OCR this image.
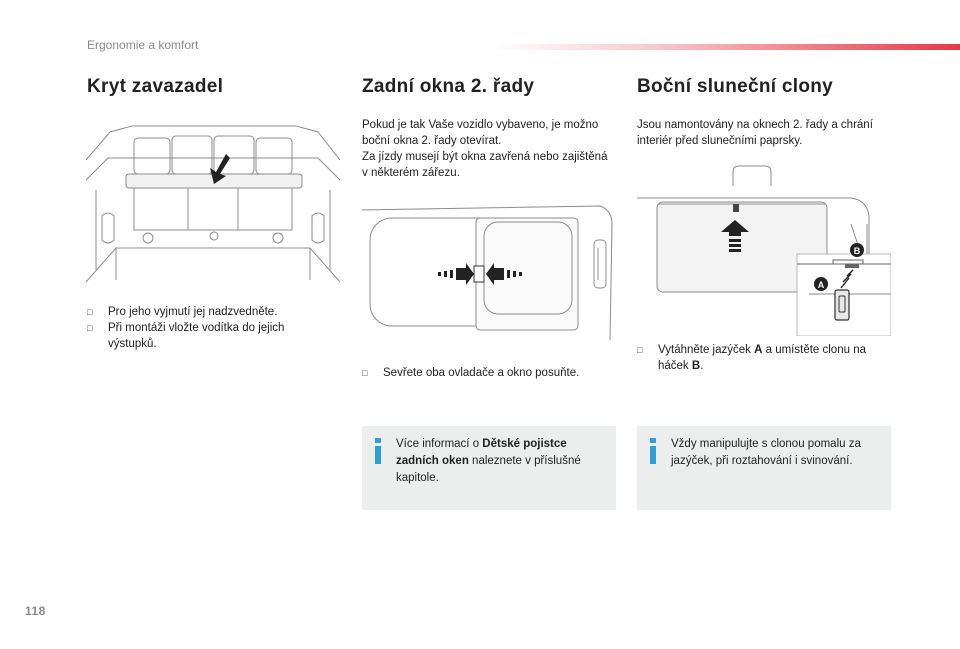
Ergonomie a komfort
Kryt zavazadel
□ Pro jeho vyjmutí jej nadzvedněte.
□ Při montáži vložte vodítka do jejich výstupků.
Zadní okna 2. řady
Pokud je tak Vaše vozidlo vybaveno, je možno boční okna 2. řady otevírat.
Za jízdy musejí být okna zavřená nebo zajištěná v některém zářezu.
□ Sevřete oba ovladače a okno posuňte.
Více informací o Dětské pojistce zadních oken naleznete v příslušné kapitole.
Boční sluneční clony
Jsou namontovány na oknech 2. řady a chrání interiér před slunečními paprsky.
B
A
□ Vytáhněte jazýček A a umístěte clonu na háček B.
Vždy manipulujte s clonou pomalu za jazýček, při roztahování i svinování.
118
